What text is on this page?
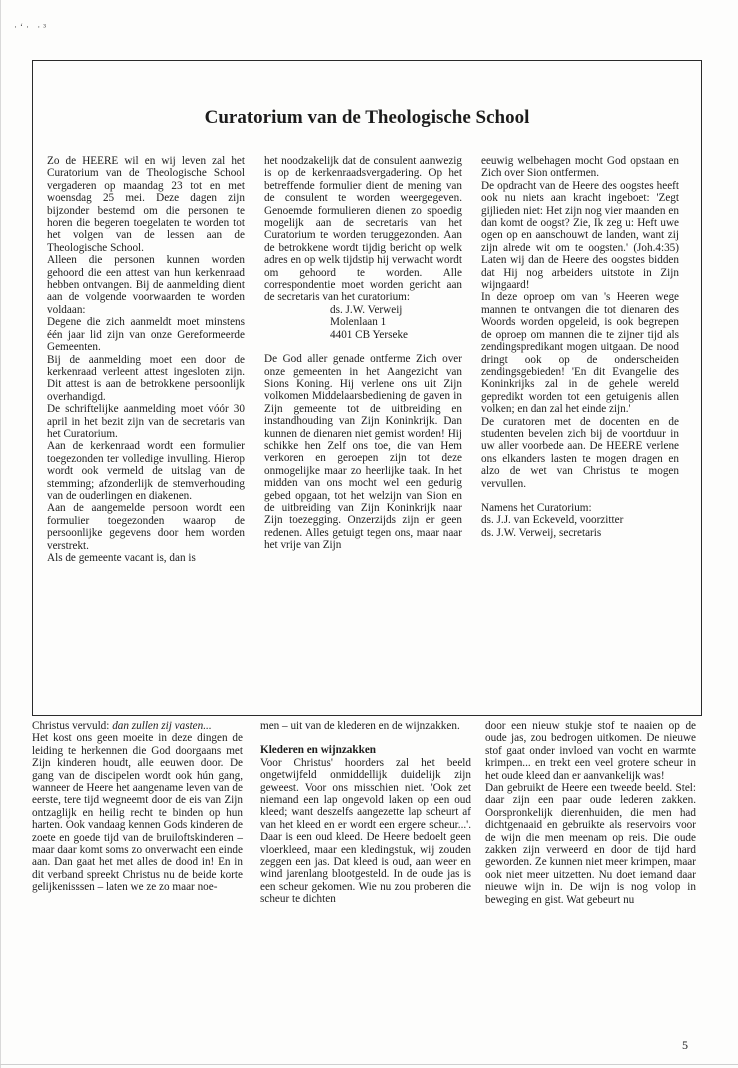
·‘· ·³
Curatorium van de Theologische School

Zo de HEERE wil en wij leven zal het Curatorium van de Theologische School vergaderen op maandag 23 tot en met woensdag 25 mei. Deze dagen zijn bijzonder bestemd om die personen te horen die begeren toegelaten te worden tot het volgen van de lessen aan de Theologische School.

Alleen die personen kunnen worden gehoord die een attest van hun kerkenraad hebben ontvangen. Bij de aanmelding dient aan de volgende voorwaarden te worden voldaan:

Degene die zich aanmeldt moet minstens één jaar lid zijn van onze Gereformeerde Gemeenten.

Bij de aanmelding moet een door de kerkenraad verleent attest ingesloten zijn. Dit attest is aan de betrokkene persoonlijk overhandigd.

De schriftelijke aanmelding moet vóór 30 april in het bezit zijn van de secretaris van het Curatorium.

Aan de kerkenraad wordt een formulier toegezonden ter volledige invulling. Hierop wordt ook vermeld de uitslag van de stemming; afzonderlijk de stemverhouding van de ouderlingen en diakenen.

Aan de aangemelde persoon wordt een formulier toegezonden waarop de persoonlijke gegevens door hem worden verstrekt.

Als de gemeente vacant is, dan is

het noodzakelijk dat de consulent aanwezig is op de kerkenraadsvergadering. Op het betreffende formulier dient de mening van de consulent te worden weergegeven. Genoemde formulieren dienen zo spoedig mogelijk aan de secretaris van het Curatorium te worden teruggezonden. Aan de betrokkene wordt tijdig bericht op welk adres en op welk tijdstip hij verwacht wordt om gehoord te worden. Alle correspondentie moet worden gericht aan de secretaris van het curatorium:

ds. J.W. Verweij

Molenlaan 1

4401 CB Yerseke

De God aller genade ontferme Zich over onze gemeenten in het Aangezicht van Sions Koning. Hij verlene ons uit Zijn volkomen Middelaarsbediening de gaven in Zijn gemeente tot de uitbreiding en instandhouding van Zijn Koninkrijk. Dan kunnen de dienaren niet gemist worden! Hij schikke hen Zelf ons toe, die van Hem verkoren en geroepen zijn tot deze onmogelijke maar zo heerlijke taak. In het midden van ons mocht wel een gedurig gebed opgaan, tot het welzijn van Sion en de uitbreiding van Zijn Koninkrijk naar Zijn toezegging. Onzerzijds zijn er geen redenen. Alles getuigt tegen ons, maar naar het vrije van Zijn

eeuwig welbehagen mocht God opstaan en Zich over Sion ontfermen.

De opdracht van de Heere des oogstes heeft ook nu niets aan kracht ingeboet: 'Zegt gijlieden niet: Het zijn nog vier maanden en dan komt de oogst? Zie, Ik zeg u: Heft uwe ogen op en aanschouwt de landen, want zij zijn alrede wit om te oogsten.' (Joh.4:35) Laten wij dan de Heere des oogstes bidden dat Hij nog arbeiders uitstote in Zijn wijngaard!

In deze oproep om van 's Heeren wege mannen te ontvangen die tot dienaren des Woords worden opgeleid, is ook begrepen de oproep om mannen die te zijner tijd als zendingspredikant mogen uitgaan. De nood dringt ook op de onderscheiden zendingsgebieden! 'En dit Evangelie des Koninkrijks zal in de gehele wereld gepredikt worden tot een getuigenis allen volken; en dan zal het einde zijn.'

De curatoren met de docenten en de studenten bevelen zich bij de voortduur in uw aller voorbede aan. De HEERE verlene ons elkanders lasten te mogen dragen en alzo de wet van Christus te mogen vervullen.

Namens het Curatorium:

ds. J.J. van Eckeveld, voorzitter

ds. J.W. Verweij, secretaris

Christus vervuld: dan zullen zij vasten...

Het kost ons geen moeite in deze dingen de leiding te herkennen die God doorgaans met Zijn kinderen houdt, alle eeuwen door. De gang van de discipelen wordt ook hún gang, wanneer de Heere het aangename leven van de eerste, tere tijd wegneemt door de eis van Zijn ontzaglijk en heilig recht te binden op hun harten. Ook vandaag kennen Gods kinderen de zoete en goede tijd van de bruiloftskinderen – maar daar komt soms zo onverwacht een einde aan. Dan gaat het met alles de dood in! En in dit verband spreekt Christus nu de beide korte gelijkenisssen – laten we ze zo maar noe-

men – uit van de klederen en de wijnzakken.

Klederen en wijnzakken

Voor Christus' hoorders zal het beeld ongetwijfeld onmiddellijk duidelijk zijn geweest. Voor ons misschien niet. 'Ook zet niemand een lap ongevold laken op een oud kleed; want deszelfs aangezette lap scheurt af van het kleed en er wordt een ergere scheur...'. Daar is een oud kleed. De Heere bedoelt geen vloerkleed, maar een kledingstuk, wij zouden zeggen een jas. Dat kleed is oud, aan weer en wind jarenlang blootgesteld. In de oude jas is een scheur gekomen. Wie nu zou proberen die scheur te dichten

door een nieuw stukje stof te naaien op de oude jas, zou bedrogen uitkomen. De nieuwe stof gaat onder invloed van vocht en warmte krimpen... en trekt een veel grotere scheur in het oude kleed dan er aanvankelijk was!

Dan gebruikt de Heere een tweede beeld. Stel: daar zijn een paar oude lederen zakken. Oorspronkelijk dierenhuiden, die men had dichtgenaaid en gebruikte als reservoirs voor de wijn die men meenam op reis. Die oude zakken zijn verweerd en door de tijd hard geworden. Ze kunnen niet meer krimpen, maar ook niet meer uitzetten. Nu doet iemand daar nieuwe wijn in. De wijn is nog volop in beweging en gist. Wat gebeurt nu

5
